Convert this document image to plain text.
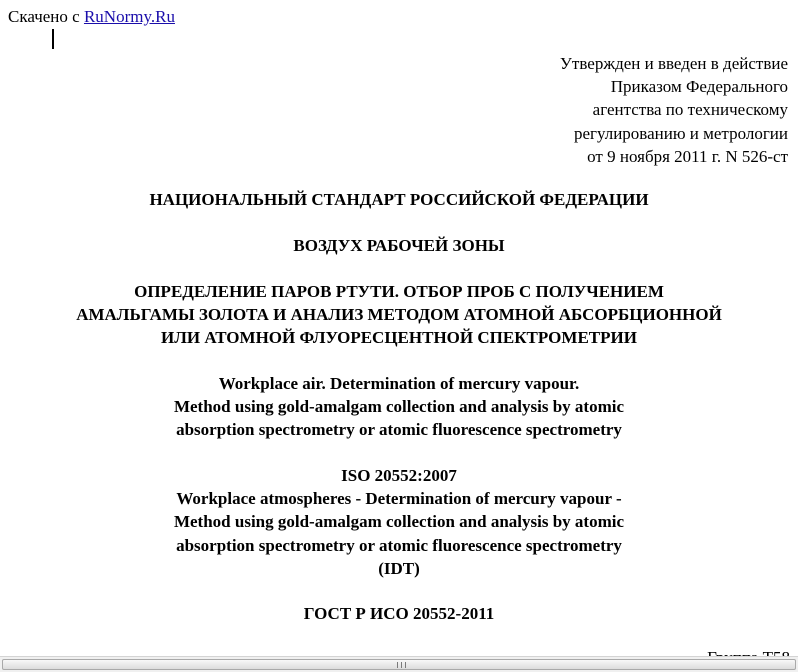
Скачено с RuNormy.Ru
Утвержден и введен в действие
Приказом Федерального
агентства по техническому
регулированию и метрологии
от 9 ноября 2011 г. N 526-ст
НАЦИОНАЛЬНЫЙ СТАНДАРТ РОССИЙСКОЙ ФЕДЕРАЦИИ
ВОЗДУХ РАБОЧЕЙ ЗОНЫ
ОПРЕДЕЛЕНИЕ ПАРОВ РТУТИ. ОТБОР ПРОБ С ПОЛУЧЕНИЕМ
АМАЛЬГАМЫ ЗОЛОТА И АНАЛИЗ МЕТОДОМ АТОМНОЙ АБСОРБЦИОННОЙ
ИЛИ АТОМНОЙ ФЛУОРЕСЦЕНТНОЙ СПЕКТРОМЕТРИИ
Workplace air. Determination of mercury vapour.
Method using gold-amalgam collection and analysis by atomic
absorption spectrometry or atomic fluorescence spectrometry
ISO 20552:2007
Workplace atmospheres - Determination of mercury vapour -
Method using gold-amalgam collection and analysis by atomic
absorption spectrometry or atomic fluorescence spectrometry
(IDT)
ГОСТ Р ИСО 20552-2011
